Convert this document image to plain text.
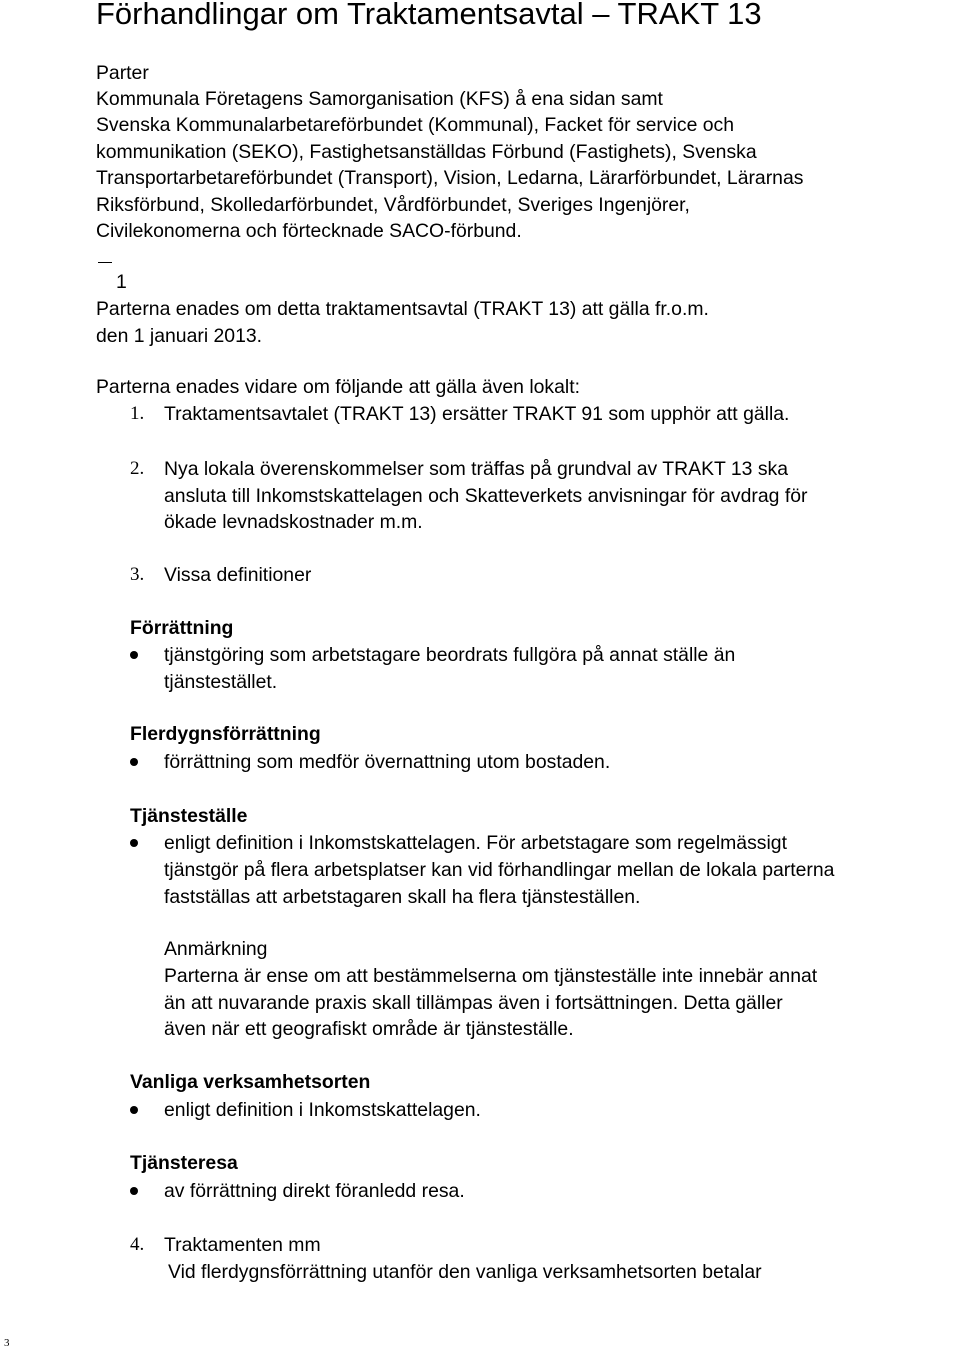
Förhandlingar om Traktamentsavtal – TRAKT 13
Parter
Kommunala Företagens Samorganisation (KFS) å ena sidan samt
Svenska Kommunalarbetareförbundet (Kommunal), Facket för service och
kommunikation (SEKO), Fastighetsanställdas Förbund (Fastighets), Svenska
Transportarbetareförbundet (Transport), Vision, Ledarna, Lärarförbundet, Lärarnas
Riksförbund, Skolledarförbundet, Vårdförbundet, Sveriges Ingenjörer,
Civilekonomerna och förtecknade SACO-förbund.
1
Parterna enades om detta traktamentsavtal (TRAKT 13) att gälla fr.o.m.
den 1 januari 2013.
Parterna enades vidare om följande att gälla även lokalt:
1. Traktamentsavtalet (TRAKT 13) ersätter TRAKT 91 som upphör att gälla.
2. Nya lokala överenskommelser som träffas på grundval av TRAKT 13 ska
ansluta till Inkomstskattelagen och Skatteverkets anvisningar för avdrag för
ökade levnadskostnader m.m.
3. Vissa definitioner
Förrättning
tjänstgöring som arbetstagare beordrats fullgöra på annat ställe än
tjänstestället.
Flerdygnsförrättning
förrättning som medför övernattning utom bostaden.
Tjänsteställe
enligt definition i Inkomstskattelagen. För arbetstagare som regelmässigt
tjänstgör på flera arbetsplatser kan vid förhandlingar mellan de lokala parterna
fastställas att arbetstagaren skall ha flera tjänsteställen.
Anmärkning
Parterna är ense om att bestämmelserna om tjänsteställe inte innebär annat
än att nuvarande praxis skall tillämpas även i fortsättningen. Detta gäller
även när ett geografiskt område är tjänsteställe.
Vanliga verksamhetsorten
enligt definition i Inkomstskattelagen.
Tjänsteresa
av förrättning direkt föranledd resa.
4. Traktamenten mm
Vid flerdygnsförrättning utanför den vanliga verksamhetsorten betalar
3
